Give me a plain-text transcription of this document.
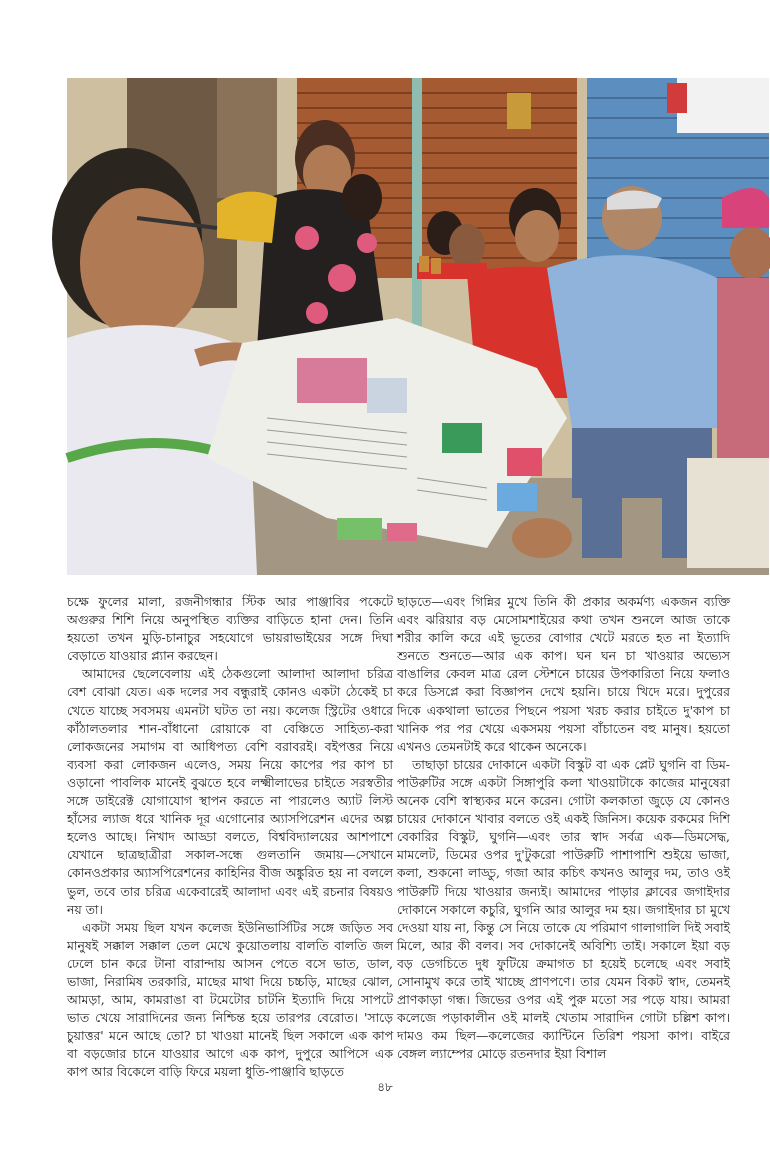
চক্ষে ফুলের মালা, রজনীগন্ধার স্টিক আর পাঞ্জাবির পকেটে অগুরুর শিশি নিয়ে অনুপস্থিত ব্যক্তির বাড়িতে হানা দেন। তিনি হয়তো তখন মুড়ি-চানাচুর সহযোগে ভায়রাভাইয়ের সঙ্গে দিঘা বেড়াতে যাওয়ার প্ল্যান করছেন।

আমাদের ছেলেবেলায় এই ঠেকগুলো আলাদা আলাদা চরিত্র বেশ বোঝা যেত। এক দলের সব বন্ধুরাই কোনও একটা ঠেকেই চা খেতে যাচ্ছে সবসময় এমনটা ঘটত তা নয়। কলেজ স্ট্রিটের ওধারে কাঁঠালতলার শান-বাঁধানো রোয়াকে বা বেঞ্চিতে সাহিত্য-করা লোকজনের সমাগম বা আধিপত্য বেশি বরাবরই। বইপত্তর নিয়ে ব্যবসা করা লোকজন এলেও, সময় নিয়ে কাপের পর কাপ চা ওড়ানো পাবলিক মানেই বুঝতে হবে লক্ষ্মীলাভের চাইতে সরস্বতীর সঙ্গে ডাইরেক্ট যোগাযোগ স্থাপন করতে না পারলেও অ্যাট লিস্ট হাঁসের ল্যাজ ধরে খানিক দূর এগোনোর অ্যাসপিরেশন এদের অল্প হলেও আছে। নিখাদ আড্ডা বলতে, বিশ্ববিদ্যালয়ের আশপাশে যেখানে ছাত্রছাত্রীরা সকাল-সন্ধে গুলতানি জমায়—সেখানে কোনওপ্রকার অ্যাসপিরেশনের কাহিনির বীজ অঙ্কুরিত হয় না বললে ভুল, তবে তার চরিত্র একেবারেই আলাদা এবং এই রচনার বিষয়ও নয় তা।

একটা সময় ছিল যখন কলেজ ইউনিভার্সিটির সঙ্গে জড়িত সব মানুষই সক্কাল সক্কাল তেল মেখে কুয়োতলায় বালতি বালতি জল ঢেলে চান করে টানা বারান্দায় আসন পেতে বসে ভাত, ডাল, ভাজা, নিরামিষ তরকারি, মাছের মাথা দিয়ে চচ্চড়ি, মাছের ঝোল, আমড়া, আম, কামরাঙা বা টমেটোর চাটনি ইত্যাদি দিয়ে সাপটে ভাত খেয়ে সারাদিনের জন্য নিশ্চিন্ত হয়ে তারপর বেরোত। 'সাড়ে চুয়াত্তর' মনে আছে তো? চা খাওয়া মানেই ছিল সকালে এক কাপ বা বড়জোর চানে যাওয়ার আগে এক কাপ, দুপুরে আপিসে এক কাপ আর বিকেলে বাড়ি ফিরে ময়লা ধুতি-পাঞ্জাবি ছাড়তে

ছাড়তে—এবং গিন্নির মুখে তিনি কী প্রকার অকর্মণ্য একজন ব্যক্তি এবং ঝরিয়ার বড় মেসোমশাইয়ের কথা তখন শুনলে আজ তাকে শরীর কালি করে এই ভূতের বোগার খেটে মরতে হত না ইত্যাদি শুনতে শুনতে—আর এক কাপ। ঘন ঘন চা খাওয়ার অভ্যেস বাঙালির কেবল মাত্র রেল স্টেশনে চায়ের উপকারিতা নিয়ে ফলাও করে ডিসপ্লে করা বিজ্ঞাপন দেখে হয়নি। চায়ে খিদে মরে। দুপুরের দিকে একথালা ভাতের পিছনে পয়সা খরচ করার চাইতে দু'কাপ চা খানিক পর পর খেয়ে একসময় পয়সা বাঁচাতেন বহু মানুষ। হয়তো এখনও তেমনটাই করে থাকেন অনেকে।

তাছাড়া চায়ের দোকানে একটা বিস্কুট বা এক প্লেট ঘুগনি বা ডিম-পাউরুটির সঙ্গে একটা সিঙ্গাপুরি কলা খাওয়াটাকে কাজের মানুষেরা অনেক বেশি স্বাস্থ্যকর মনে করেন। গোটা কলকাতা জুড়ে যে কোনও চায়ের দোকানে খাবার বলতে ওই একই জিনিস। কয়েক রকমের দিশি বেকারির বিস্কুট, ঘুগনি—এবং তার স্বাদ সর্বত্র এক—ডিমসেদ্ধ, মামলেট, ডিমের ওপর দু'টুকরো পাউরুটি পাশাপাশি শুইয়ে ভাজা, কলা, শুকনো লাড্ডু, গজা আর কচিৎ কখনও আলুর দম, তাও ওই পাউরুটি দিয়ে খাওয়ার জন্যই। আমাদের পাড়ার ক্লাবের জগাইদার দোকানে সকালে কচুরি, ঘুগনি আর আলুর দম হয়। জগাইদার চা মুখে দেওয়া যায় না, কিন্তু সে নিয়ে তাকে যে পরিমাণ গালাগালি দিই সবাই মিলে, আর কী বলব। সব দোকানেই অবিশ্যি তাই। সকালে ইয়া বড় বড় ডেগচিতে দুধ ফুটিয়ে ক্রমাগত চা হয়েই চলেছে এবং সবাই সোনামুখ করে তাই খাচ্ছে প্রাণপণে। তার যেমন বিকট স্বাদ, তেমনই প্রাণকাড়া গন্ধ। জিভের ওপর এই পুরু মতো সর পড়ে যায়। আমরা কলেজে পড়াকালীন ওই মালই খেতাম সারাদিন গোটা চল্লিশ কাপ। দামও কম ছিল—কলেজের ক্যান্টিনে তিরিশ পয়সা কাপ। বাইরে বেঙ্গল ল্যাম্পের মোড়ে রতনদার ইয়া বিশাল

৪৮
